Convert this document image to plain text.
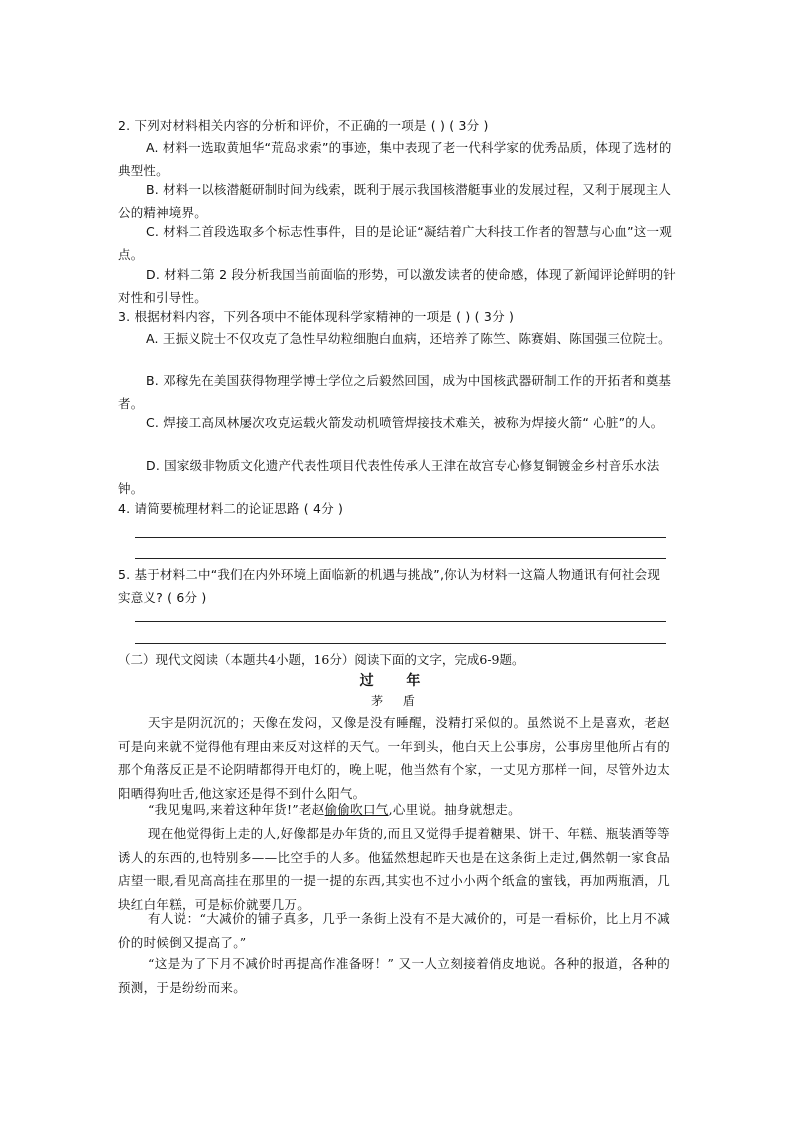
2. 下列对材料相关内容的分析和评价，不正确的一项是 ( ) ( 3分 )
A. 材料一选取黄旭华“荒岛求索”的事迹，集中表现了老一代科学家的优秀品质，体现了选材的典型性。
B. 材料一以核潜艇研制时间为线索，既利于展示我国核潜艇事业的发展过程，又利于展现主人公的精神境界。
C. 材料二首段选取多个标志性事件，目的是论证“凝结着广大科技工作者的智慧与心血”这一观点。
D. 材料二第 2 段分析我国当前面临的形势，可以激发读者的使命感，体现了新闻评论鲜明的针对性和引导性。
3. 根据材料内容，下列各项中不能体现科学家精神的一项是 ( ) ( 3分 )
A. 王振义院士不仅攻克了急性早幼粒细胞白血病，还培养了陈竺、陈赛娟、陈国强三位院士。
B. 邓稼先在美国获得物理学博士学位之后毅然回国，成为中国核武器研制工作的开拓者和奠基者。
C. 焊接工高凤林屡次攻克运载火箭发动机喷管焊接技术难关，被称为焊接火箭“ 心脏”的人。
D. 国家级非物质文化遗产代表性项目代表性传承人王津在故宫专心修复铜镀金乡村音乐水法钟。
4. 请简要梳理材料二的论证思路 ( 4分 )
5. 基于材料二中“我们在内外环境上面临新的机遇与挑战”,你认为材料一这篇人物通讯有何社会现实意义? ( 6分 )
（二）现代文阅读（本题共4小题，16分）阅读下面的文字，完成6-9题。
过 年
茅 盾
天宇是阴沉沉的；天像在发闷，又像是没有睡醒，没精打采似的。虽然说不上是喜欢，老赵可是向来就不觉得他有理由来反对这样的天气。一年到头，他白天上公事房，公事房里他所占有的那个角落反正是不论阴晴都得开电灯的，晚上呢，他当然有个家，一丈见方那样一间，尽管外边太阳晒得狗吐舌,他这家还是得不到什么阳气。
“我见鬼吗,来着这种年货!”老赵偷偷吹口气,心里说。抽身就想走。
现在他觉得街上走的人,好像都是办年货的,而且又觉得手提着糖果、饼干、年糕、瓶装酒等等诱人的东西的,也特别多——比空手的人多。他猛然想起昨天也是在这条街上走过,偶然朝一家食品店望一眼,看见高高挂在那里的一提一提的东西,其实也不过小小两个纸盒的蜜钱，再加两瓶酒，几块红白年糕，可是标价就要几万。
有人说：“大减价的铺子真多，几乎一条街上没有不是大减价的，可是一看标价，比上月不减价的时候倒又提高了。”
“这是为了下月不减价时再提高作准备呀！” 又一人立刻接着俏皮地说。各种的报道，各种的预测，于是纷纷而来。
